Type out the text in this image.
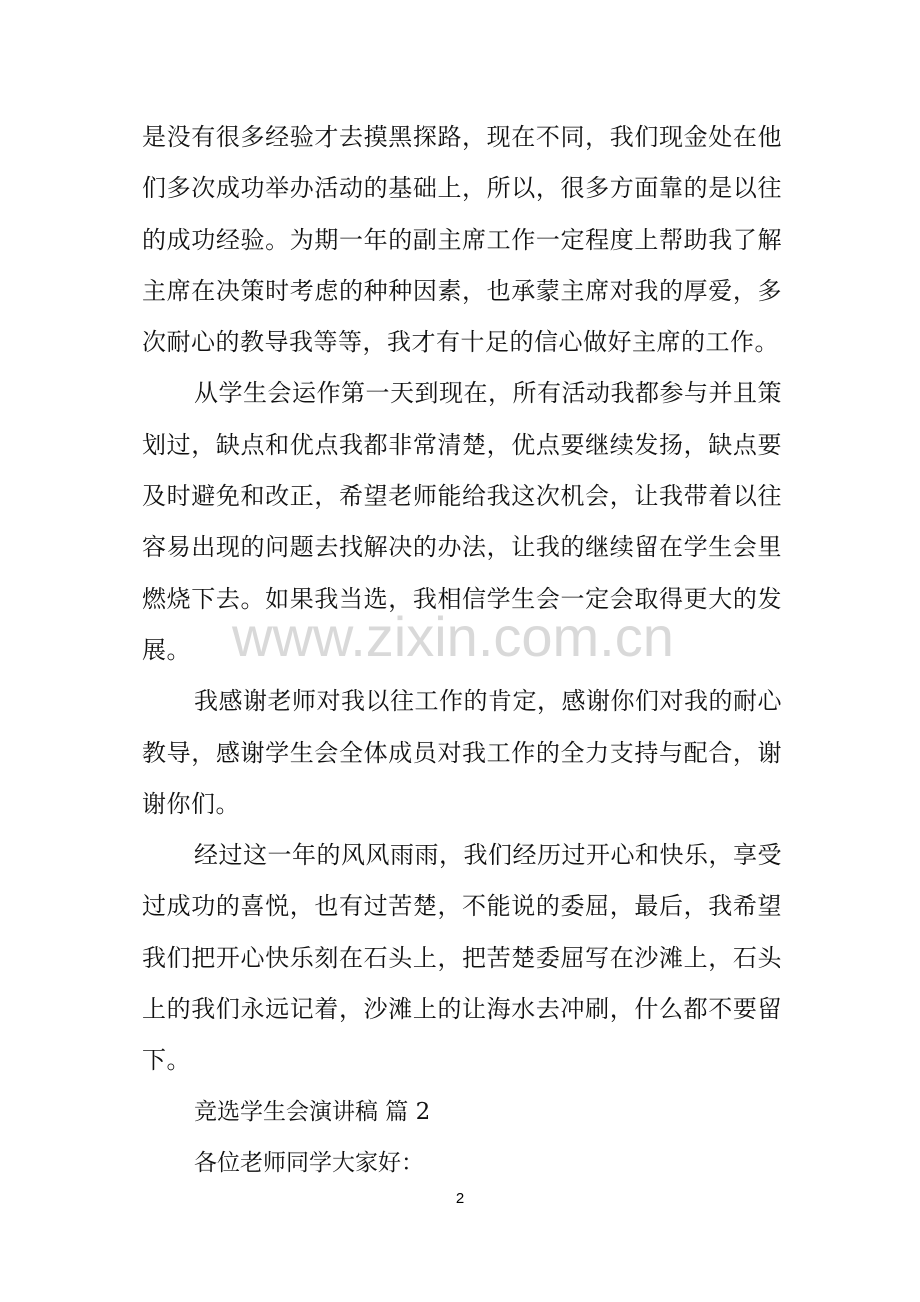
是没有很多经验才去摸黑探路，现在不同，我们现金处在他们多次成功举办活动的基础上，所以，很多方面靠的是以往的成功经验。为期一年的副主席工作一定程度上帮助我了解主席在决策时考虑的种种因素，也承蒙主席对我的厚爱，多次耐心的教导我等等，我才有十足的信心做好主席的工作。

从学生会运作第一天到现在，所有活动我都参与并且策划过，缺点和优点我都非常清楚，优点要继续发扬，缺点要及时避免和改正，希望老师能给我这次机会，让我带着以往容易出现的问题去找解决的办法，让我的继续留在学生会里燃烧下去。如果我当选，我相信学生会一定会取得更大的发展。

我感谢老师对我以往工作的肯定，感谢你们对我的耐心教导，感谢学生会全体成员对我工作的全力支持与配合，谢谢你们。

经过这一年的风风雨雨，我们经历过开心和快乐，享受过成功的喜悦，也有过苦楚，不能说的委屈，最后，我希望我们把开心快乐刻在石头上，把苦楚委屈写在沙滩上，石头上的我们永远记着，沙滩上的让海水去冲刷，什么都不要留下。

竞选学生会演讲稿 篇 2

各位老师同学大家好：

www.zixin.com.cn
2
